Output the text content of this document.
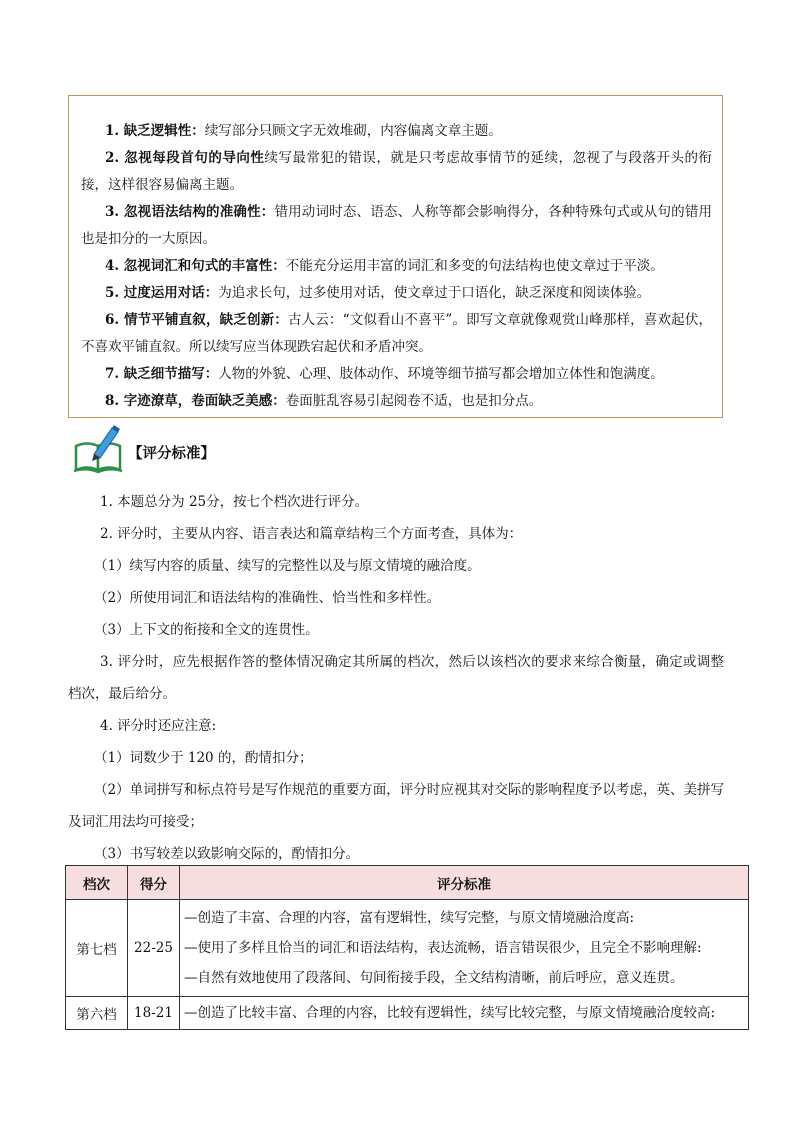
1. 缺乏逻辑性：续写部分只顾文字无效堆砌，内容偏离文章主题。

2. 忽视每段首句的导向性续写最常犯的错误，就是只考虑故事情节的延续，忽视了与段落开头的衔接，这样很容易偏离主题。

3. 忽视语法结构的准确性：错用动词时态、语态、人称等都会影响得分，各种特殊句式或从句的错用也是扣分的一大原因。

4. 忽视词汇和句式的丰富性：不能充分运用丰富的词汇和多变的句法结构也使文章过于平淡。

5. 过度运用对话：为追求长句，过多使用对话，使文章过于口语化，缺乏深度和阅读体验。

6. 情节平铺直叙，缺乏创新：古人云：“文似看山不喜平”。即写文章就像观赏山峰那样，喜欢起伏，不喜欢平铺直叙。所以续写应当体现跌宕起伏和矛盾冲突。

7. 缺乏细节描写：人物的外貌、心理、肢体动作、环境等细节描写都会增加立体性和饱满度。

8. 字迹潦草，卷面缺乏美感：卷面脏乱容易引起阅卷不适，也是扣分点。

【评分标准】

1. 本题总分为 25分，按七个档次进行评分。

2. 评分时，主要从内容、语言表达和篇章结构三个方面考查，具体为：

（1）续写内容的质量、续写的完整性以及与原文情境的融洽度。

（2）所使用词汇和语法结构的准确性、恰当性和多样性。

（3）上下文的衔接和全文的连贯性。

3. 评分时，应先根据作答的整体情况确定其所属的档次，然后以该档次的要求来综合衡量，确定或调整档次，最后给分。

4. 评分时还应注意:

（1）词数少于 120 的，酌情扣分；

（2）单词拼写和标点符号是写作规范的重要方面，评分时应视其对交际的影响程度予以考虑，英、美拼写及词汇用法均可接受；

（3）书写较差以致影响交际的，酌情扣分。

档次	得分	评分标准
第七档	22-25	—创造了丰富、合理的内容，富有逻辑性，续写完整，与原文情境融洽度高:
—使用了多样且恰当的词汇和语法结构，表达流畅，语言错误很少，且完全不影响理解:
—自然有效地使用了段落间、句间衔接手段，全文结构清晰，前后呼应，意义连贯。

第六档	18-21	—创造了比较丰富、合理的内容，比较有逻辑性，续写比较完整，与原文情境融洽度较高:
